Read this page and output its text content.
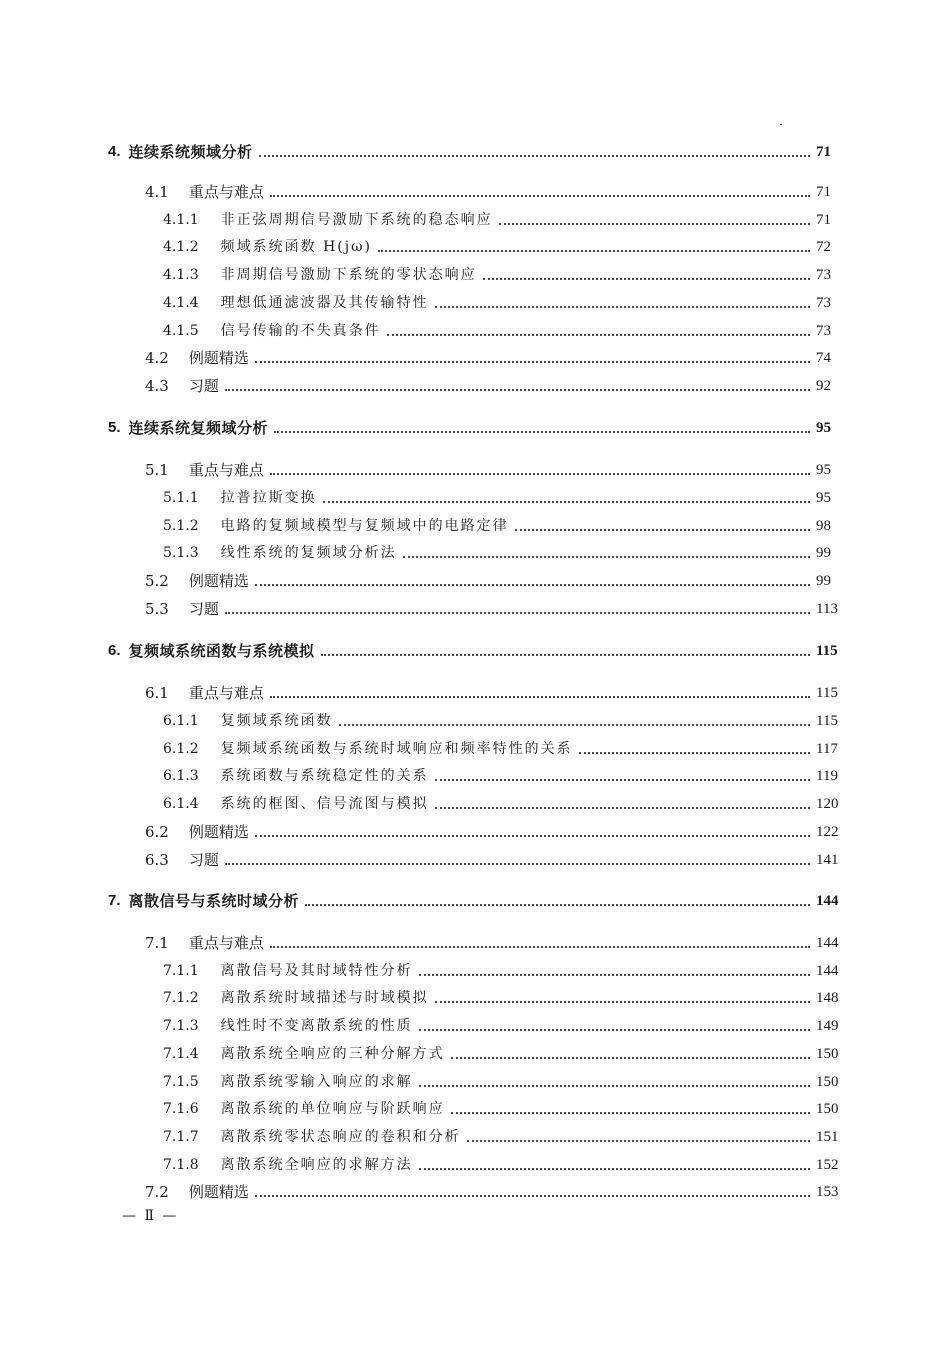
4. 连续系统频域分析	71
4.1 重点与难点	71
4.1.1 非正弦周期信号激励下系统的稳态响应	71
4.1.2 频域系统函数 H(jω)	72
4.1.3 非周期信号激励下系统的零状态响应	73
4.1.4 理想低通滤波器及其传输特性	73
4.1.5 信号传输的不失真条件	73
4.2 例题精选	74
4.3 习题	92
5. 连续系统复频域分析	95
5.1 重点与难点	95
5.1.1 拉普拉斯变换	95
5.1.2 电路的复频域模型与复频域中的电路定律	98
5.1.3 线性系统的复频域分析法	99
5.2 例题精选	99
5.3 习题	113
6. 复频域系统函数与系统模拟	115
6.1 重点与难点	115
6.1.1 复频域系统函数	115
6.1.2 复频域系统函数与系统时域响应和频率特性的关系	117
6.1.3 系统函数与系统稳定性的关系	119
6.1.4 系统的框图、信号流图与模拟	120
6.2 例题精选	122
6.3 习题	141
7. 离散信号与系统时域分析	144
7.1 重点与难点	144
7.1.1 离散信号及其时域特性分析	144
7.1.2 离散系统时域描述与时域模拟	148
7.1.3 线性时不变离散系统的性质	149
7.1.4 离散系统全响应的三种分解方式	150
7.1.5 离散系统零输入响应的求解	150
7.1.6 离散系统的单位响应与阶跃响应	150
7.1.7 离散系统零状态响应的卷积和分析	151
7.1.8 离散系统全响应的求解方法	152
7.2 例题精选	153
— Ⅱ —
